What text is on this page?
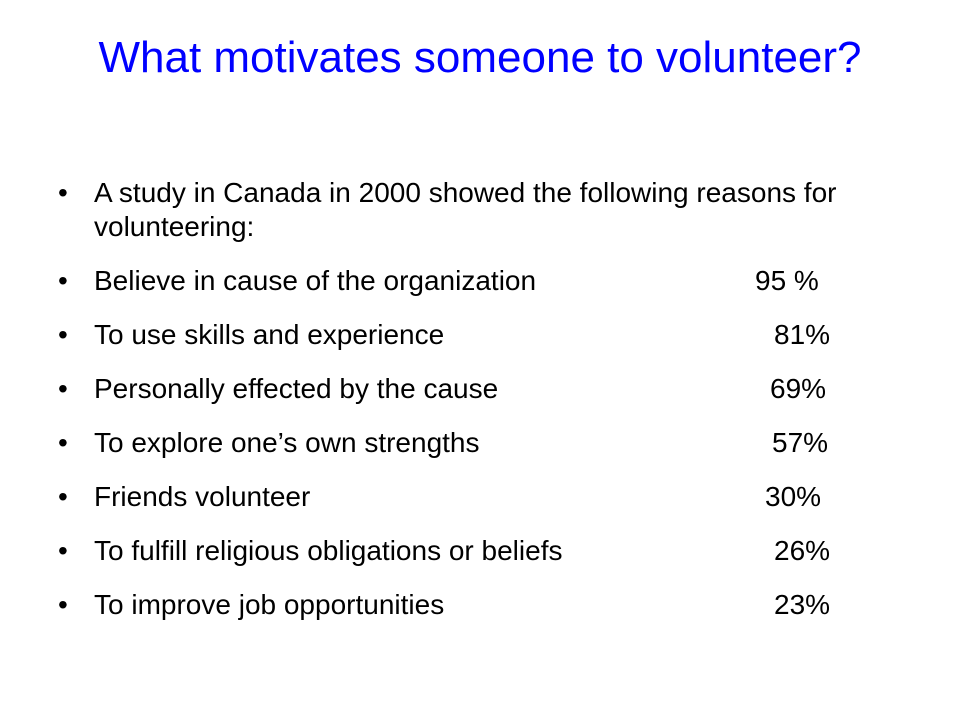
What motivates someone to volunteer?
• A study in Canada in 2000 showed the following reasons for volunteering:
• Believe in cause of the organization	95 %
• To use skills and experience	81%
• Personally effected by the cause	69%
• To explore one’s own strengths	57%
• Friends volunteer	30%
• To fulfill religious obligations or beliefs	26%
• To improve job opportunities	23%
